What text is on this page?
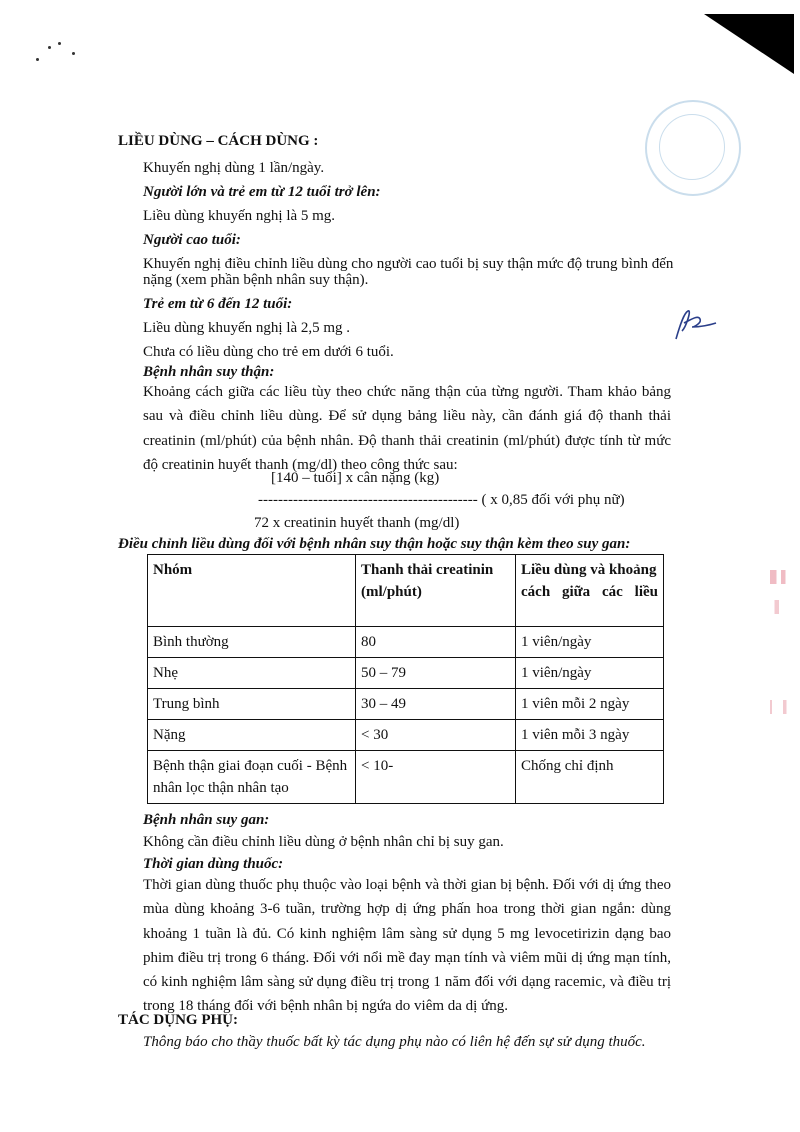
LIỀU DÙNG – CÁCH DÙNG :
Khuyến nghị dùng 1 lần/ngày.
Người lớn và trẻ em từ 12 tuổi trở lên:
Liều dùng khuyến nghị là 5 mg.
Người cao tuổi:
Khuyến nghị điều chỉnh liều dùng cho người cao tuổi bị suy thận mức độ trung bình đến
nặng (xem phần bệnh nhân suy thận).
Trẻ em từ 6 đến 12 tuổi:
Liều dùng khuyến nghị là 2,5 mg .
Chưa có liều dùng cho trẻ em dưới 6 tuổi.
Bệnh nhân suy thận:
Khoảng cách giữa các liều tùy theo chức năng thận của từng người. Tham khảo bảng sau và điều chỉnh liều dùng. Để sử dụng bảng liều này, cần đánh giá độ thanh thải creatinin (ml/phút) của bệnh nhân. Độ thanh thải creatinin (ml/phút) được tính từ mức độ creatinin huyết thanh (mg/dl) theo công thức sau:
[140 – tuổi] x cân nặng (kg)
-------------------------------------------- ( x 0,85 đối với phụ nữ)
72 x creatinin huyết thanh (mg/dl)
Điều chỉnh liều dùng đối với bệnh nhân suy thận hoặc suy thận kèm theo suy gan:
Nhóm	Thanh thải creatinin (ml/phút)	Liều dùng và khoảng cách giữa các liều
Bình thường	80	1 viên/ngày
Nhẹ	50 – 79	1 viên/ngày
Trung bình	30 – 49	1 viên mỗi 2 ngày
Nặng	< 30	1 viên mỗi 3 ngày
Bệnh thận giai đoạn cuối - Bệnh nhân lọc thận nhân tạo	< 10-	Chống chỉ định
Bệnh nhân suy gan:
Không cần điều chỉnh liều dùng ở bệnh nhân chỉ bị suy gan.
Thời gian dùng thuốc:
Thời gian dùng thuốc phụ thuộc vào loại bệnh và thời gian bị bệnh. Đối với dị ứng theo mùa dùng khoảng 3-6 tuần, trường hợp dị ứng phấn hoa trong thời gian ngắn: dùng khoảng 1 tuần là đủ. Có kinh nghiệm lâm sàng sử dụng 5 mg levocetirizin dạng bao phim điều trị trong 6 tháng. Đối với nổi mề đay mạn tính và viêm mũi dị ứng mạn tính, có kinh nghiệm lâm sàng sử dụng điều trị trong 1 năm đối với dạng racemic, và điều trị trong 18 tháng đối với bệnh nhân bị ngứa do viêm da dị ứng.
TÁC DỤNG PHỤ:
Thông báo cho thầy thuốc bất kỳ tác dụng phụ nào có liên hệ đến sự sử dụng thuốc.
